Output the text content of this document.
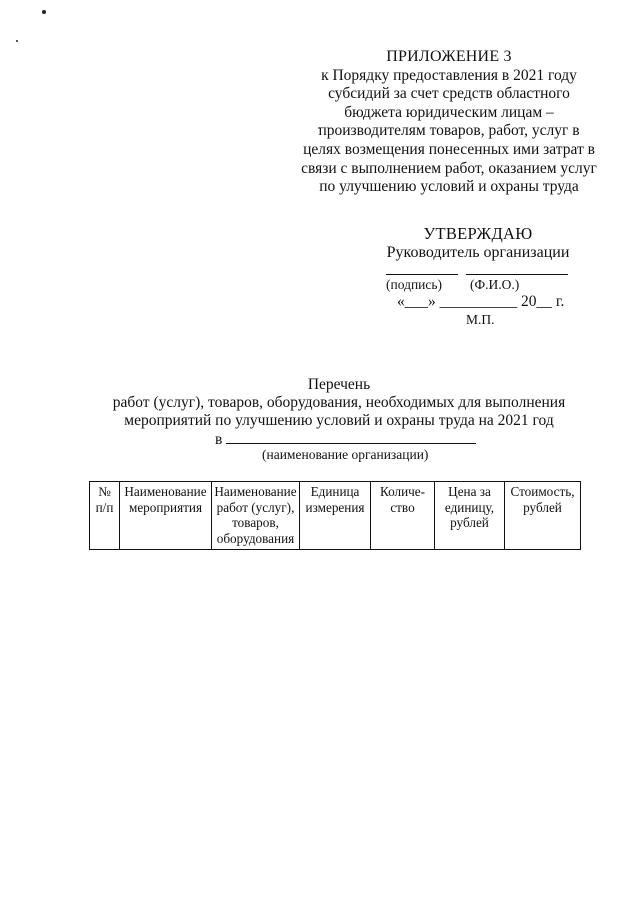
ПРИЛОЖЕНИЕ 3
к Порядку предоставления в 2021 году
субсидий за счет средств областного
бюджета юридическим лицам –
производителям товаров, работ, услуг в
целях возмещения понесенных ими затрат в
связи с выполнением работ, оказанием услуг
по улучшению условий и охраны труда
УТВЕРЖДАЮ
Руководитель организации
(подпись) (Ф.И.О.)
«___» __________ 20__ г.
М.П.
Перечень
работ (услуг), товаров, оборудования, необходимых для выполнения
мероприятий по улучшению условий и охраны труда на 2021 год
в
(наименование организации)
№ п/п	Наименование мероприятия	Наименование работ (услуг), товаров, оборудования	Единица измерения	Количе-ство	Цена за единицу, рублей	Стоимость, рублей
